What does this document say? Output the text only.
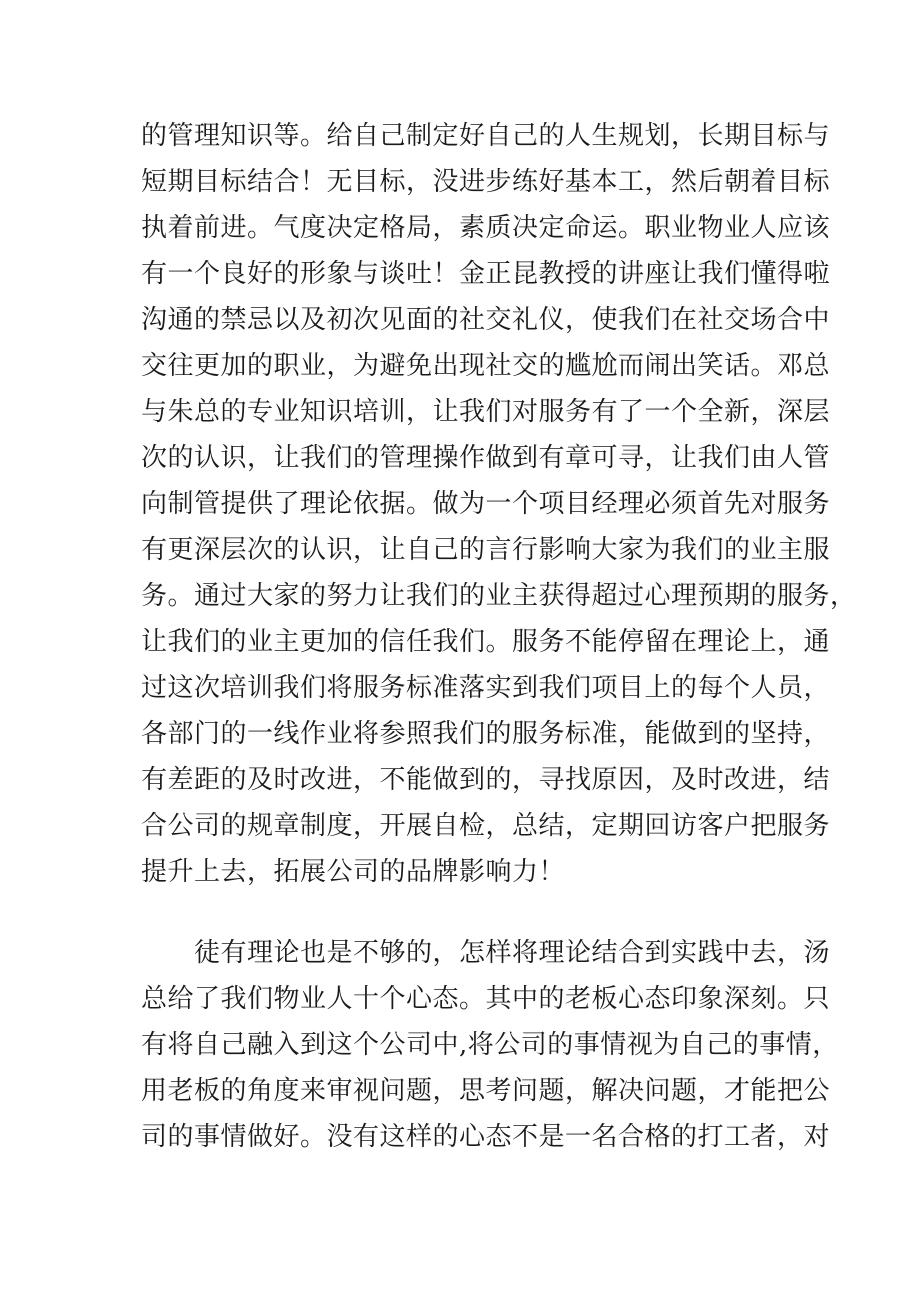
的管理知识等。给自己制定好自己的人生规划，长期目标与
短期目标结合！无目标，没进步练好基本工，然后朝着目标
执着前进。气度决定格局，素质决定命运。职业物业人应该
有一个良好的形象与谈吐！金正昆教授的讲座让我们懂得啦
沟通的禁忌以及初次见面的社交礼仪，使我们在社交场合中
交往更加的职业，为避免出现社交的尴尬而闹出笑话。邓总
与朱总的专业知识培训，让我们对服务有了一个全新，深层
次的认识，让我们的管理操作做到有章可寻，让我们由人管
向制管提供了理论依据。做为一个项目经理必须首先对服务
有更深层次的认识，让自己的言行影响大家为我们的业主服
务。通过大家的努力让我们的业主获得超过心理预期的服务，
让我们的业主更加的信任我们。服务不能停留在理论上，通
过这次培训我们将服务标准落实到我们项目上的每个人员，
各部门的一线作业将参照我们的服务标准，能做到的坚持，
有差距的及时改进，不能做到的，寻找原因，及时改进，结
合公司的规章制度，开展自检，总结，定期回访客户把服务
提升上去，拓展公司的品牌影响力！
　　徒有理论也是不够的，怎样将理论结合到实践中去，汤
总给了我们物业人十个心态。其中的老板心态印象深刻。只
有将自己融入到这个公司中,将公司的事情视为自己的事情，
用老板的角度来审视问题，思考问题，解决问题，才能把公
司的事情做好。没有这样的心态不是一名合格的打工者，对
